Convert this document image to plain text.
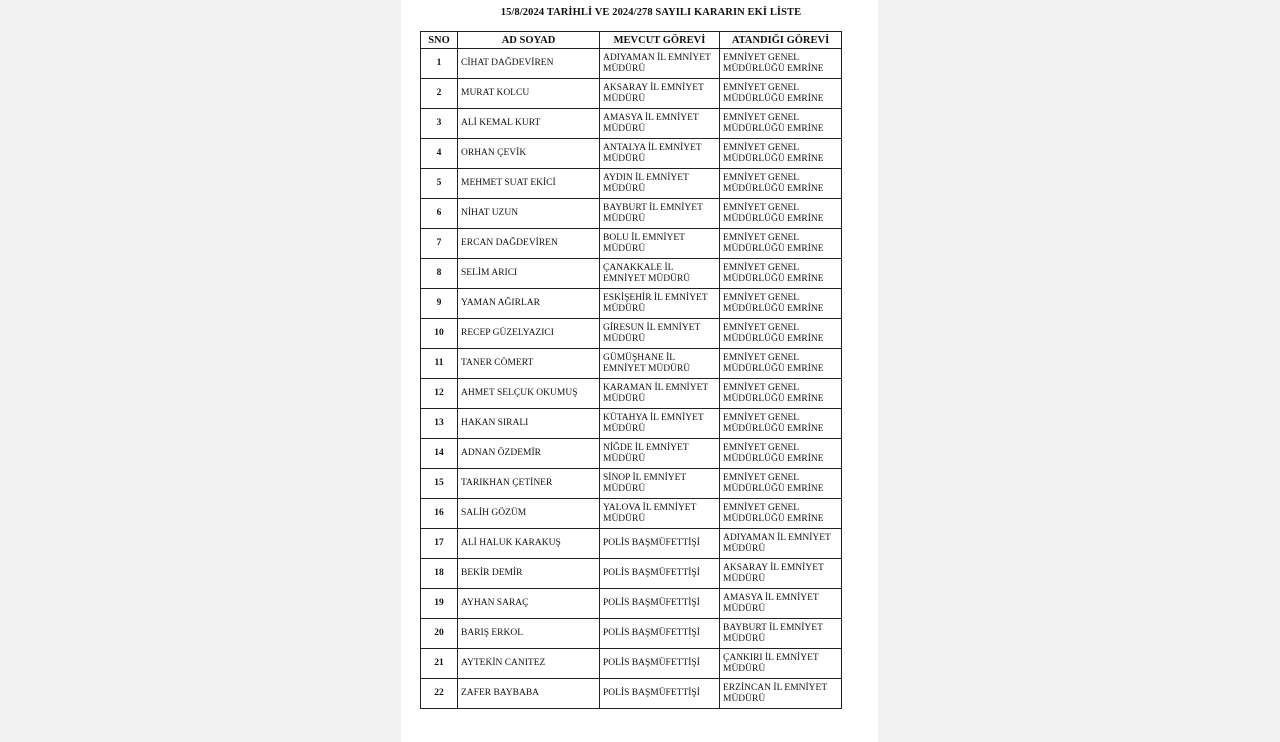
15/8/2024 TARİHLİ VE 2024/278 SAYILI KARARIN EKİ LİSTE
SNO	AD SOYAD	MEVCUT GÖREVİ	ATANDIĞI GÖREVİ
1	CİHAT DAĞDEVİREN	ADIYAMAN İL EMNİYET MÜDÜRÜ	EMNİYET GENEL MÜDÜRLÜĞÜ EMRİNE
2	MURAT KOLCU	AKSARAY İL EMNİYET MÜDÜRÜ	EMNİYET GENEL MÜDÜRLÜĞÜ EMRİNE
3	ALİ KEMAL KURT	AMASYA İL EMNİYET MÜDÜRÜ	EMNİYET GENEL MÜDÜRLÜĞÜ EMRİNE
4	ORHAN ÇEVİK	ANTALYA İL EMNİYET MÜDÜRÜ	EMNİYET GENEL MÜDÜRLÜĞÜ EMRİNE
5	MEHMET SUAT EKİCİ	AYDIN İL EMNİYET MÜDÜRÜ	EMNİYET GENEL MÜDÜRLÜĞÜ EMRİNE
6	NİHAT UZUN	BAYBURT İL EMNİYET MÜDÜRÜ	EMNİYET GENEL MÜDÜRLÜĞÜ EMRİNE
7	ERCAN DAĞDEVİREN	BOLU İL EMNİYET MÜDÜRÜ	EMNİYET GENEL MÜDÜRLÜĞÜ EMRİNE
8	SELİM ARICI	ÇANAKKALE İL EMNİYET MÜDÜRÜ	EMNİYET GENEL MÜDÜRLÜĞÜ EMRİNE
9	YAMAN AĞIRLAR	ESKİŞEHİR İL EMNİYET MÜDÜRÜ	EMNİYET GENEL MÜDÜRLÜĞÜ EMRİNE
10	RECEP GÜZELYAZICI	GİRESUN İL EMNİYET MÜDÜRÜ	EMNİYET GENEL MÜDÜRLÜĞÜ EMRİNE
11	TANER CÖMERT	GÜMÜŞHANE İL EMNİYET MÜDÜRÜ	EMNİYET GENEL MÜDÜRLÜĞÜ EMRİNE
12	AHMET SELÇUK OKUMUŞ	KARAMAN İL EMNİYET MÜDÜRÜ	EMNİYET GENEL MÜDÜRLÜĞÜ EMRİNE
13	HAKAN SIRALI	KÜTAHYA İL EMNİYET MÜDÜRÜ	EMNİYET GENEL MÜDÜRLÜĞÜ EMRİNE
14	ADNAN ÖZDEMİR	NİĞDE İL EMNİYET MÜDÜRÜ	EMNİYET GENEL MÜDÜRLÜĞÜ EMRİNE
15	TARIKHAN ÇETİNER	SİNOP İL EMNİYET MÜDÜRÜ	EMNİYET GENEL MÜDÜRLÜĞÜ EMRİNE
16	SALİH GÖZÜM	YALOVA İL EMNİYET MÜDÜRÜ	EMNİYET GENEL MÜDÜRLÜĞÜ EMRİNE
17	ALİ HALUK KARAKUŞ	POLİS BAŞMÜFETTİŞİ	ADIYAMAN İL EMNİYET MÜDÜRÜ
18	BEKİR DEMİR	POLİS BAŞMÜFETTİŞİ	AKSARAY İL EMNİYET MÜDÜRÜ
19	AYHAN SARAÇ	POLİS BAŞMÜFETTİŞİ	AMASYA İL EMNİYET MÜDÜRÜ
20	BARIŞ ERKOL	POLİS BAŞMÜFETTİŞİ	BAYBURT İL EMNİYET MÜDÜRÜ
21	AYTEKİN CANITEZ	POLİS BAŞMÜFETTİŞİ	ÇANKIRI İL EMNİYET MÜDÜRÜ
22	ZAFER BAYBABA	POLİS BAŞMÜFETTİŞİ	ERZİNCAN İL EMNİYET MÜDÜRÜ
